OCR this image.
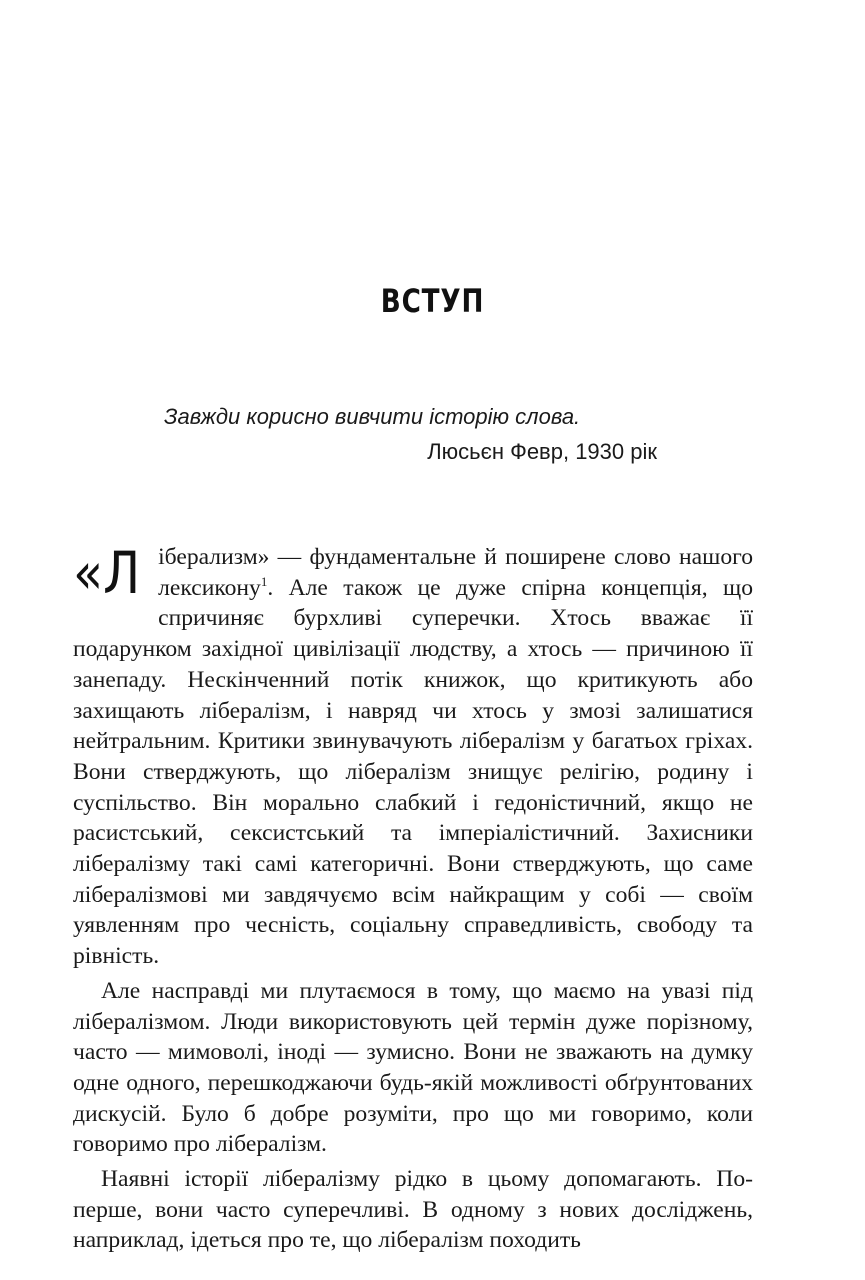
ВСТУП
Завжди корисно вивчити історію слова.
Люсьєн Февр, 1930 рік

«Ліберализм» — фундаментальне й поширене слово нашого лексикону$^1$. Але також це дуже спірна концепція, що спричиняє бурхливі суперечки. Хтось вважає її подарунком західної цивілізації людству, а хтось — причиною її занепаду. Нескінченний потік книжок, що критикують або захищають лібералізм, і навряд чи хтось у змозі залишатися нейтральним. Критики звинувачують лібералізм у багатьох гріхах. Вони стверджують, що лібералізм знищує релігію, родину і суспільство. Він морально слабкий і гедоністичний, якщо не расистський, сексистський та імперіалістичний. Захисники лібералізму такі самі категоричні. Вони стверджують, що саме лібералізмові ми завдячуємо всім найкращим у собі — своїм уявленням про чесність, соціальну справедливість, свободу та рівність.

Але насправді ми плутаємося в тому, що маємо на увазі під лібералізмом. Люди використовують цей термін дуже порізному, часто — мимоволі, іноді — зумисно. Вони не зважають на думку одне одного, перешкоджаючи будь-якій можливості обґрунтованих дискусій. Було б добре розуміти, про що ми говоримо, коли говоримо про лібералізм.

Наявні історії лібералізму рідко в цьому допомагають. По-перше, вони часто суперечливі. В одному з нових досліджень, наприклад, ідеться про те, що лібералізм походить
